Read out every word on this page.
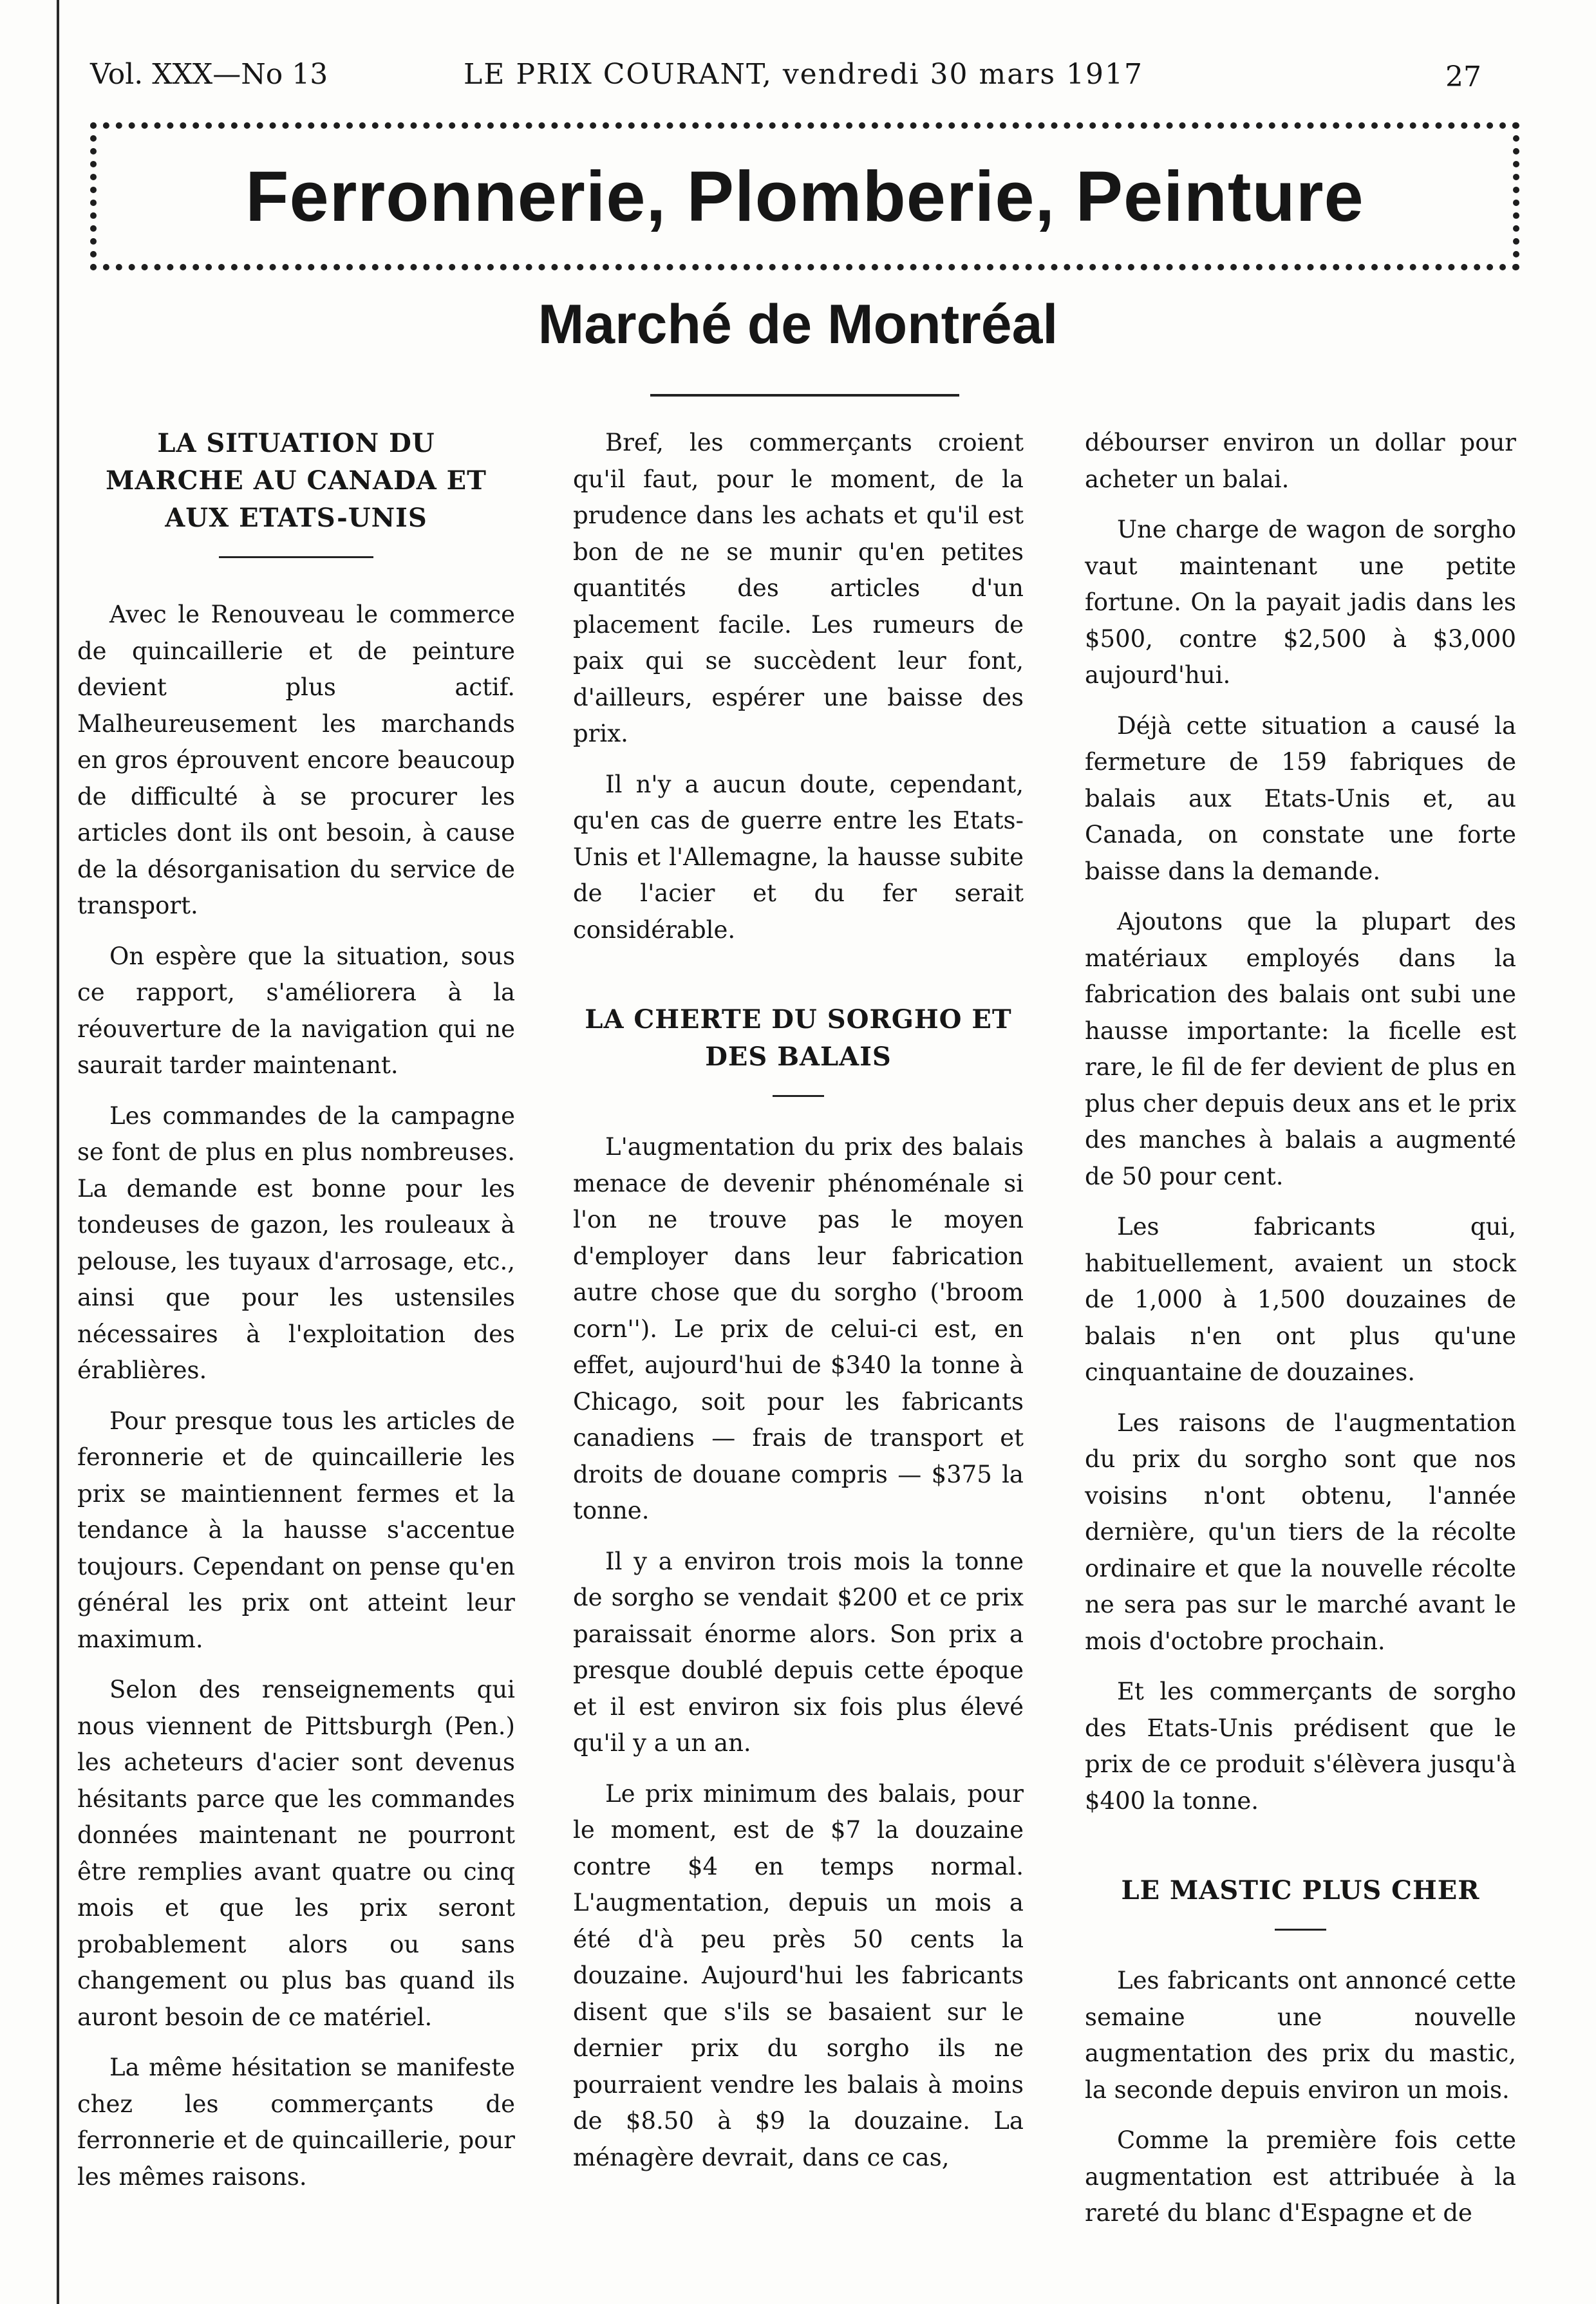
Vol. XXX—No 13	LE PRIX COURANT, vendredi 30 mars 1917	27
Ferronnerie, Plomberie, Peinture
Marché de Montréal
LA SITUATION DU MARCHE AU CANADA ET AUX ETATS-UNIS

Avec le Renouveau le commerce de quincaillerie et de peinture devient plus actif. Malheureusement les marchands en gros éprouvent encore beaucoup de difficulté à se procurer les articles dont ils ont besoin, à cause de la désorganisation du service de transport.

On espère que la situation, sous ce rapport, s'améliorera à la réouverture de la navigation qui ne saurait tarder maintenant.

Les commandes de la campagne se font de plus en plus nombreuses. La demande est bonne pour les tondeuses de gazon, les rouleaux à pelouse, les tuyaux d'arrosage, etc., ainsi que pour les ustensiles nécessaires à l'exploitation des érablières.

Pour presque tous les articles de feronnerie et de quincaillerie les prix se maintiennent fermes et la tendance à la hausse s'accentue toujours. Cependant on pense qu'en général les prix ont atteint leur maximum.

Selon des renseignements qui nous viennent de Pittsburgh (Pen.) les acheteurs d'acier sont devenus hésitants parce que les commandes données maintenant ne pourront être remplies avant quatre ou cinq mois et que les prix seront probablement alors ou sans changement ou plus bas quand ils auront besoin de ce matériel.

La même hésitation se manifeste chez les commerçants de ferronnerie et de quincaillerie, pour les mêmes raisons.

Bref, les commerçants croient qu'il faut, pour le moment, de la prudence dans les achats et qu'il est bon de ne se munir qu'en petites quantités des articles d'un placement facile. Les rumeurs de paix qui se succèdent leur font, d'ailleurs, espérer une baisse des prix.

Il n'y a aucun doute, cependant, qu'en cas de guerre entre les Etats-Unis et l'Allemagne, la hausse subite de l'acier et du fer serait considérable.

LA CHERTE DU SORGHO ET DES BALAIS

L'augmentation du prix des balais menace de devenir phénoménale si l'on ne trouve pas le moyen d'employer dans leur fabrication autre chose que du sorgho ('broom corn''). Le prix de celui-ci est, en effet, aujourd'hui de $340 la tonne à Chicago, soit pour les fabricants canadiens — frais de transport et droits de douane compris — $375 la tonne.

Il y a environ trois mois la tonne de sorgho se vendait $200 et ce prix paraissait énorme alors. Son prix a presque doublé depuis cette époque et il est environ six fois plus élevé qu'il y a un an.

Le prix minimum des balais, pour le moment, est de $7 la douzaine contre $4 en temps normal. L'augmentation, depuis un mois a été d'à peu près 50 cents la douzaine. Aujourd'hui les fabricants disent que s'ils se basaient sur le dernier prix du sorgho ils ne pourraient vendre les balais à moins de $8.50 à $9 la douzaine. La ménagère devrait, dans ce cas,

débourser environ un dollar pour acheter un balai.

Une charge de wagon de sorgho vaut maintenant une petite fortune. On la payait jadis dans les $500, contre $2,500 à $3,000 aujourd'hui.

Déjà cette situation a causé la fermeture de 159 fabriques de balais aux Etats-Unis et, au Canada, on constate une forte baisse dans la demande.

Ajoutons que la plupart des matériaux employés dans la fabrication des balais ont subi une hausse importante: la ficelle est rare, le fil de fer devient de plus en plus cher depuis deux ans et le prix des manches à balais a augmenté de 50 pour cent.

Les fabricants qui, habituellement, avaient un stock de 1,000 à 1,500 douzaines de balais n'en ont plus qu'une cinquantaine de douzaines.

Les raisons de l'augmentation du prix du sorgho sont que nos voisins n'ont obtenu, l'année dernière, qu'un tiers de la récolte ordinaire et que la nouvelle récolte ne sera pas sur le marché avant le mois d'octobre prochain.

Et les commerçants de sorgho des Etats-Unis prédisent que le prix de ce produit s'élèvera jusqu'à $400 la tonne.

LE MASTIC PLUS CHER

Les fabricants ont annoncé cette semaine une nouvelle augmentation des prix du mastic, la seconde depuis environ un mois.

Comme la première fois cette augmentation est attribuée à la rareté du blanc d'Espagne et de
